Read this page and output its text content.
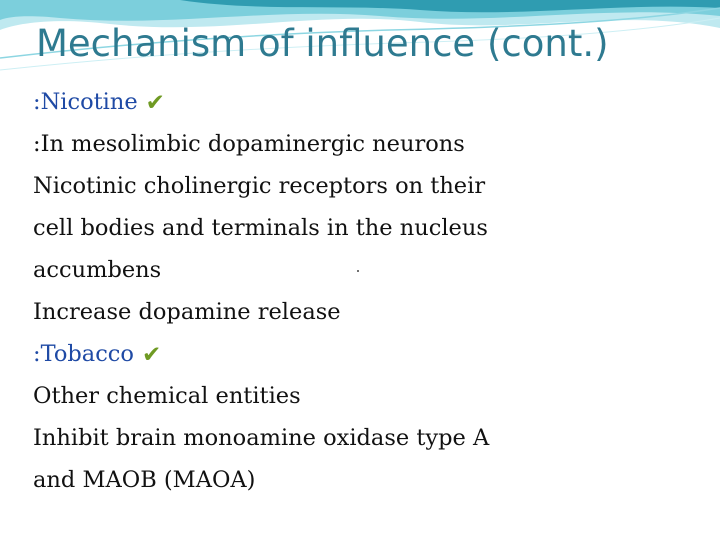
Mechanism of influence (cont.)
:Nicotine ✔
:In mesolimbic dopaminergic neurons
Nicotinic cholinergic receptors on their
cell bodies and terminals in the nucleus
accumbens
Increase dopamine release
:Tobacco ✔
Other chemical entities
Inhibit brain monoamine oxidase type A
and MAOB (MAOA)
